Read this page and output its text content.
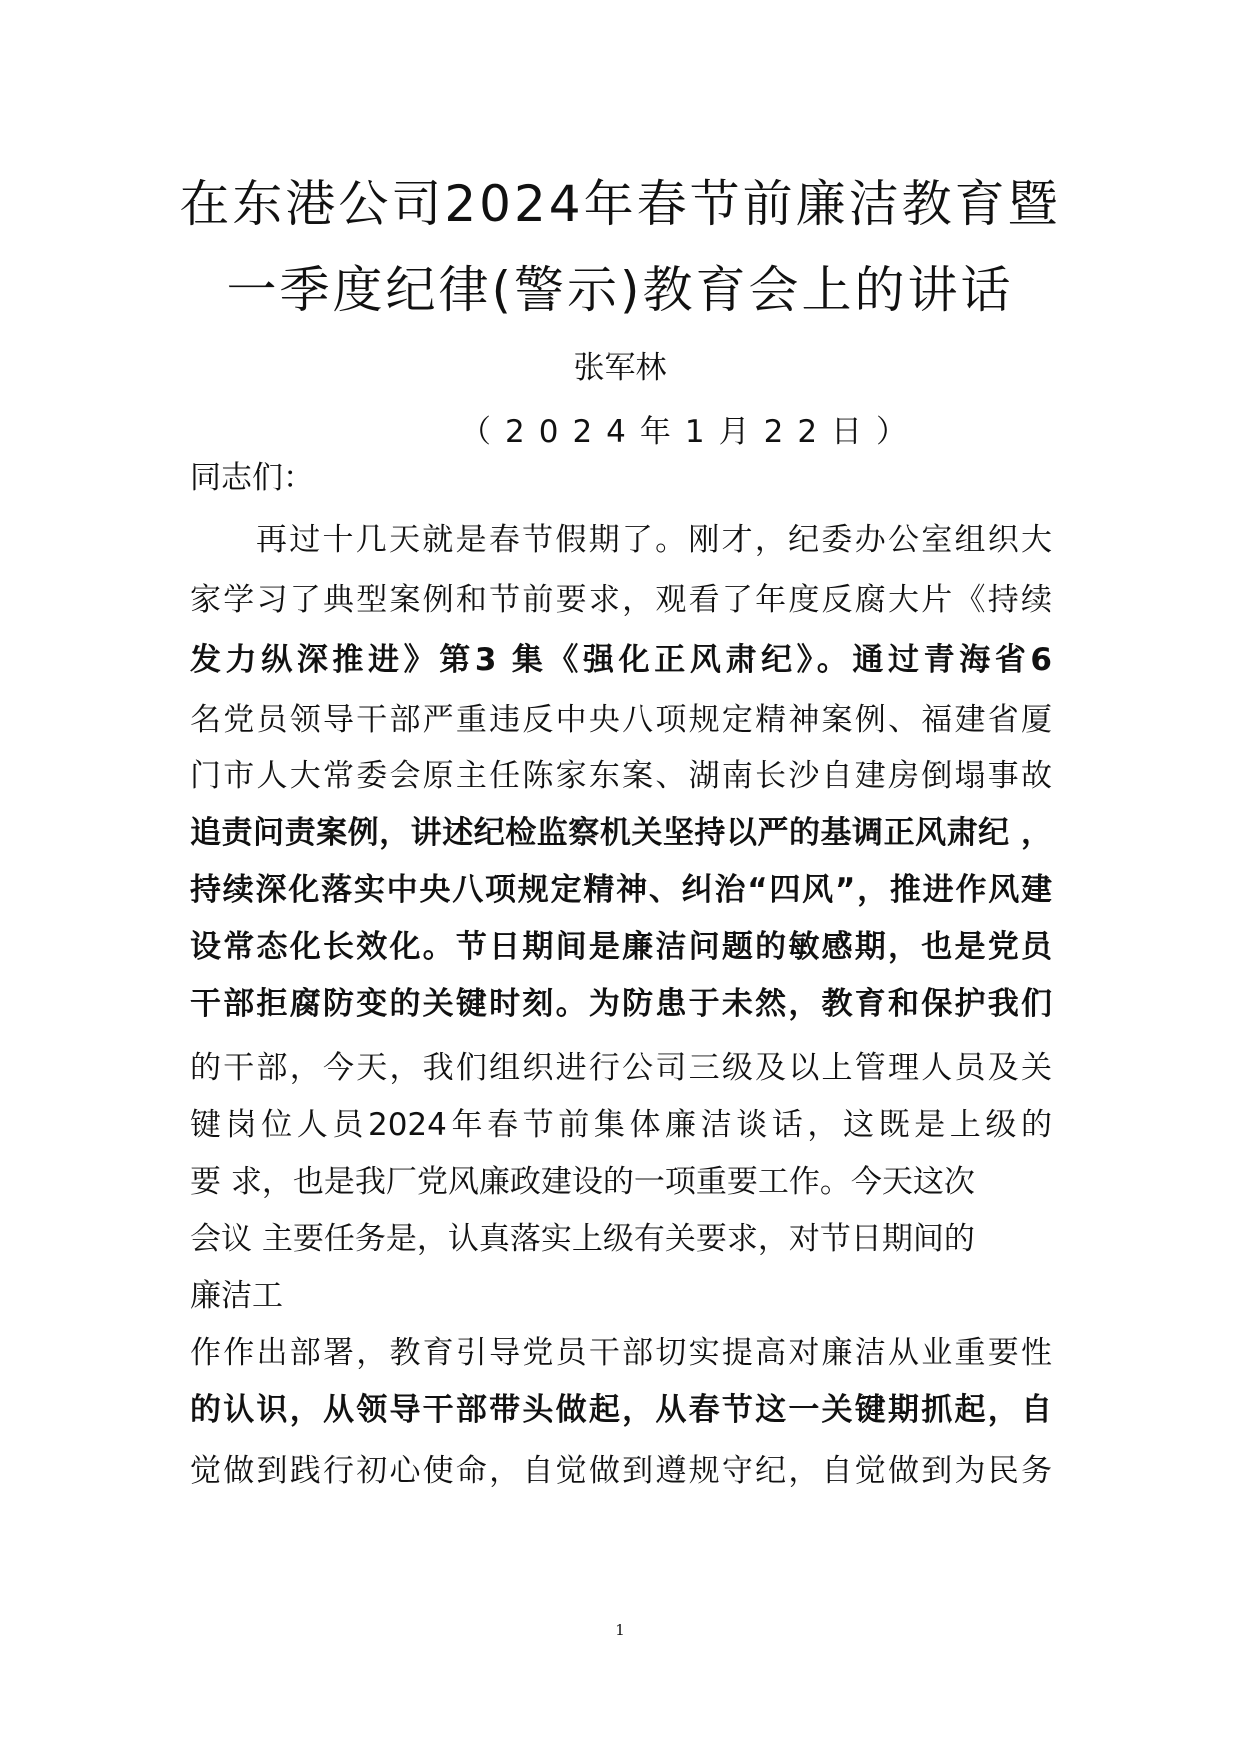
在东港公司2024年春节前廉洁教育暨
一季度纪律(警示)教育会上的讲话
张军林
（2024年1月22日）
同志们：
再过十几天就是春节假期了。刚才，纪委办公室组织大
家学习了典型案例和节前要求，观看了年度反腐大片《持续
发力纵深推进》第3 集《强化正风肃纪》。通过青海省6
名党员领导干部严重违反中央八项规定精神案例、福建省厦
门市人大常委会原主任陈家东案、湖南长沙自建房倒塌事故
追责问责案例，讲述纪检监察机关坚持以严的基调正风肃纪 ，
持续深化落实中央八项规定精神、纠治“四风”，推进作风建
设常态化长效化。节日期间是廉洁问题的敏感期，也是党员
干部拒腐防变的关键时刻。为防患于未然，教育和保护我们
的干部，今天，我们组织进行公司三级及以上管理人员及关
键岗位人员2024年春节前集体廉洁谈话，这既是上级的
要 求，也是我厂党风廉政建设的一项重要工作。今天这次
会议 主要任务是，认真落实上级有关要求，对节日期间的
廉洁工
作作出部署，教育引导党员干部切实提高对廉洁从业重要性
的认识，从领导干部带头做起，从春节这一关键期抓起，自
觉做到践行初心使命，自觉做到遵规守纪，自觉做到为民务
1
